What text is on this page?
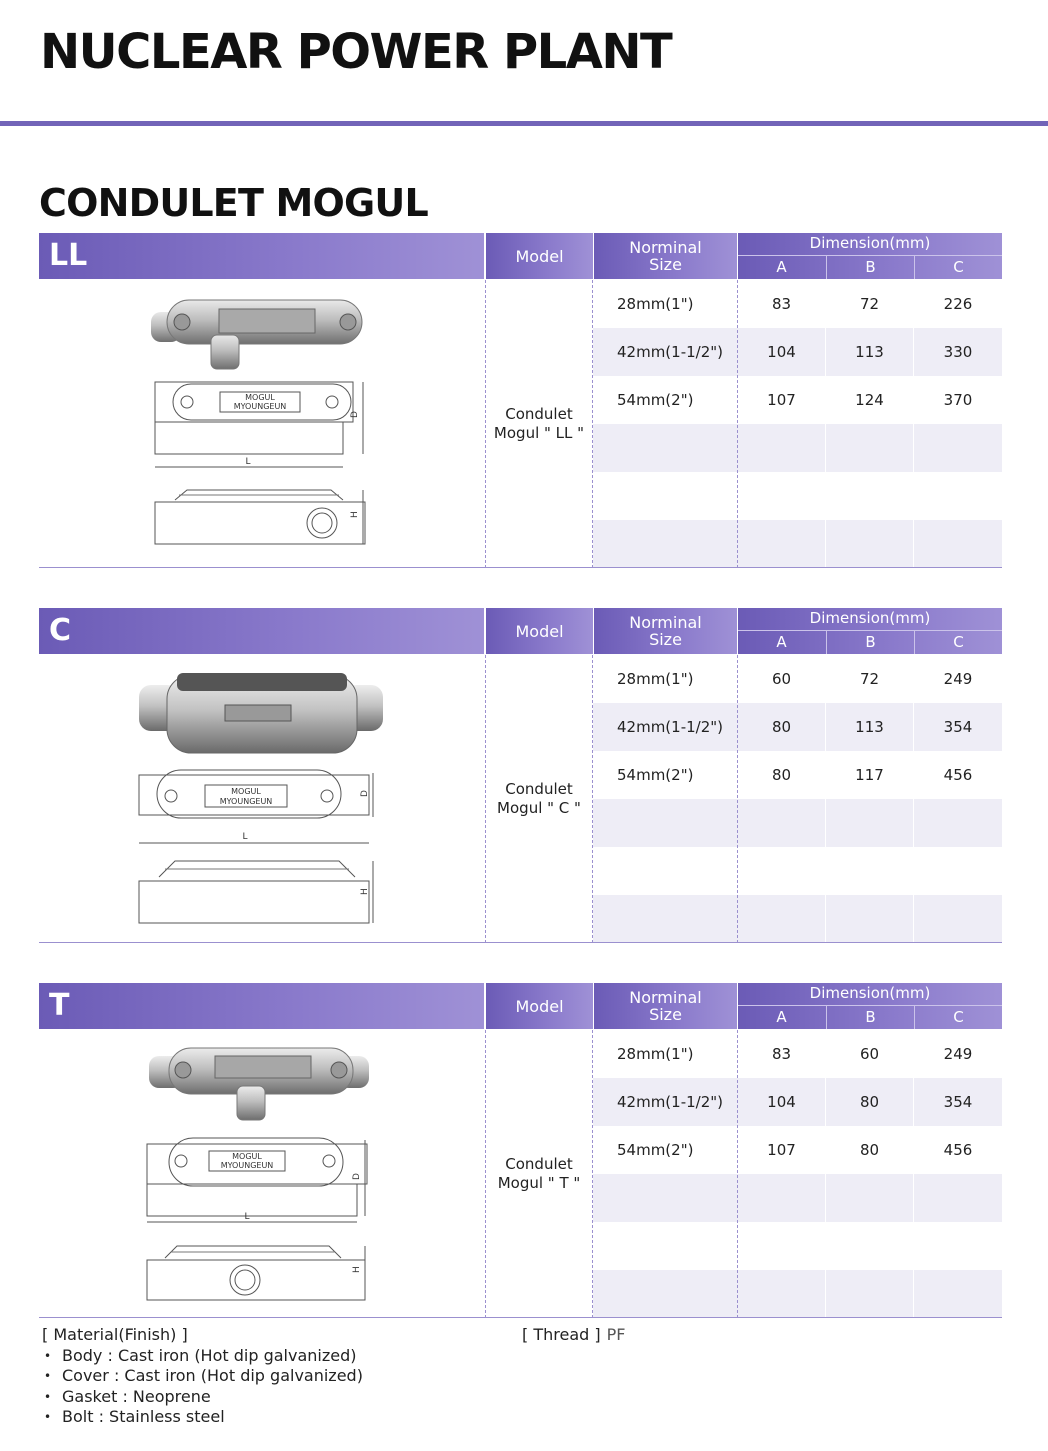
NUCLEAR POWER PLANT
CONDULET MOGUL
LL	Model	Norminal
Size
Dimension(mm)
A	B	C
MOGUL
MYOUNGEUN
L
D
H
Condulet
Mogul " LL "
28mm(1")	83	72	226
42mm(1-1/2")	104	113	330
54mm(2")	107	124	370
C	Model	Norminal
Size
Dimension(mm)
A	B	C
MOGUL
MYOUNGEUN
L
D
H
Condulet
Mogul " C "
28mm(1")	60	72	249
42mm(1-1/2")	80	113	354
54mm(2")	80	117	456
T	Model	Norminal
Size
Dimension(mm)
A	B	C
MOGUL
MYOUNGEUN
L
D
H
Condulet
Mogul " T "
28mm(1")	83	60	249
42mm(1-1/2")	104	80	354
54mm(2")	107	80	456
[ Material(Finish) ]
• Body : Cast iron (Hot dip galvanized)
• Cover : Cast iron (Hot dip galvanized)
• Gasket : Neoprene
• Bolt : Stainless steel
[ Thread ] PF
